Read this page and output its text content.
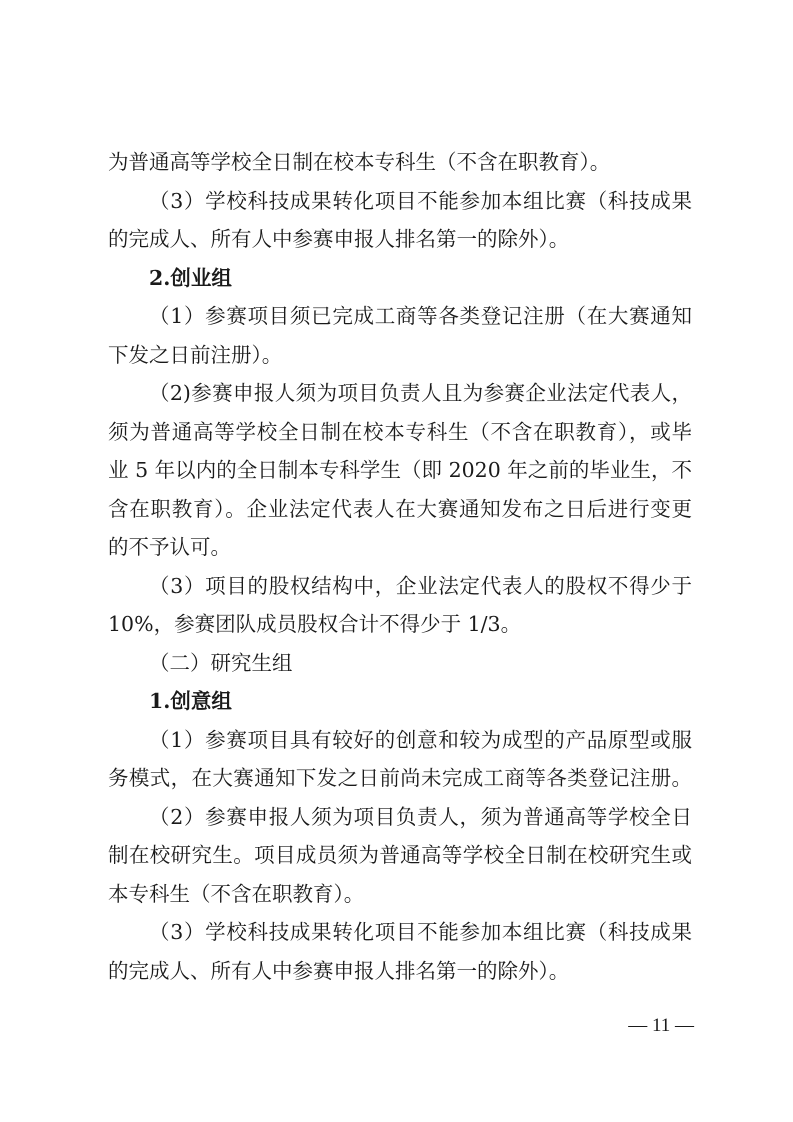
为普通高等学校全日制在校本专科生（不含在职教育）。
（3）学校科技成果转化项目不能参加本组比赛（科技成果
的完成人、所有人中参赛申报人排名第一的除外）。
2.创业组
（1）参赛项目须已完成工商等各类登记注册（在大赛通知
下发之日前注册）。
（2)参赛申报人须为项目负责人且为参赛企业法定代表人，
须为普通高等学校全日制在校本专科生（不含在职教育），或毕
业 5 年以内的全日制本专科学生（即 2020 年之前的毕业生，不
含在职教育）。企业法定代表人在大赛通知发布之日后进行变更
的不予认可。
（3）项目的股权结构中，企业法定代表人的股权不得少于
10%，参赛团队成员股权合计不得少于 1/3。
（二）研究生组
1.创意组
（1）参赛项目具有较好的创意和较为成型的产品原型或服
务模式，在大赛通知下发之日前尚未完成工商等各类登记注册。
（2）参赛申报人须为项目负责人，须为普通高等学校全日
制在校研究生。项目成员须为普通高等学校全日制在校研究生或
本专科生（不含在职教育）。
（3）学校科技成果转化项目不能参加本组比赛（科技成果
的完成人、所有人中参赛申报人排名第一的除外）。
— 11 —
